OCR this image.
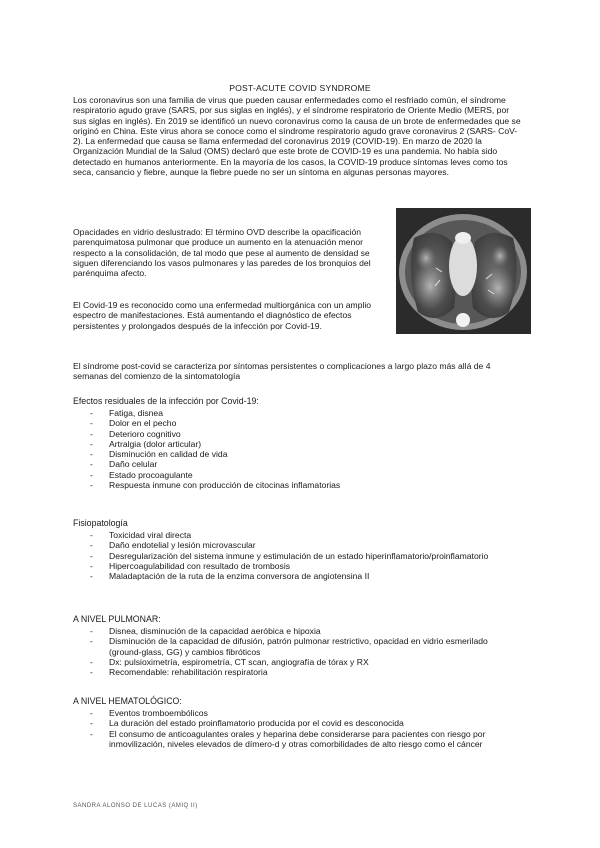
POST-ACUTE COVID SYNDROME

Los coronavirus son una familia de virus que pueden causar enfermedades como el resfriado común, el síndrome respiratorio agudo grave (SARS, por sus siglas en inglés), y el síndrome respiratorio de Oriente Medio (MERS, por sus siglas en inglés). En 2019 se identificó un nuevo coronavirus como la causa de un brote de enfermedades que se originó en China. Este virus ahora se conoce como el síndrome respiratorio agudo grave coronavirus 2 (SARS- CoV-2). La enfermedad que causa se llama enfermedad del coronavirus 2019 (COVID-19). En marzo de 2020 la Organización Mundial de la Salud (OMS) declaró que este brote de COVID-19 es una pandemia. No había sido detectado en humanos anteriormente. En la mayoría de los casos, la COVID-19 produce síntomas leves como tos seca, cansancio y fiebre, aunque la fiebre puede no ser un síntoma en algunas personas mayores.

Opacidades en vidrio deslustrado: El término OVD describe la opacificación parenquimatosa pulmonar que produce un aumento en la atenuación menor respecto a la consolidación, de tal modo que pese al aumento de densidad se siguen diferenciando los vasos pulmonares y las paredes de los bronquios del parénquima afecto.

El Covid-19 es reconocido como una enfermedad multiorgánica con un amplio espectro de manifestaciones. Está aumentando el diagnóstico de efectos persistentes y prolongados después de la infección por Covid-19.

El síndrome post-covid se caracteriza por síntomas persistentes o complicaciones a largo plazo más allá de 4 semanas del comienzo de la sintomatología

Efectos residuales de la infección por Covid-19:
- Fatiga, disnea
- Dolor en el pecho
- Deterioro cognitivo
- Artralgia (dolor articular)
- Disminución en calidad de vida
- Daño celular
- Estado procoagulante
- Respuesta inmune con producción de citocinas inflamatorias
Fisiopatología
- Toxicidad viral directa
- Daño endotelial y lesión microvascular
- Desregularización del sistema inmune y estimulación de un estado hiperinflamatorio/proinflamatorio
- Hipercoagulabilidad con resultado de trombosis
- Maladaptación de la ruta de la enzima conversora de angiotensina II
A NIVEL PULMONAR:
- Disnea, disminución de la capacidad aeróbica e hipoxia
- Disminución de la capacidad de difusión, patrón pulmonar restrictivo, opacidad en vidrio esmerilado (ground-glass, GG) y cambios fibróticos
- Dx: pulsioximetría, espirometría, CT scan, angiografía de tórax y RX
- Recomendable: rehabilitación respiratoria
A NIVEL HEMATOLÓGICO:
- Eventos tromboembólicos
- La duración del estado proinflamatorio producida por el covid es desconocida
- El consumo de anticoagulantes orales y heparina debe considerarse para pacientes con riesgo por inmovilización, niveles elevados de dímero-d y otras comorbilidades de alto riesgo como el cáncer
SANDRA ALONSO DE LUCAS (AMIQ II)
